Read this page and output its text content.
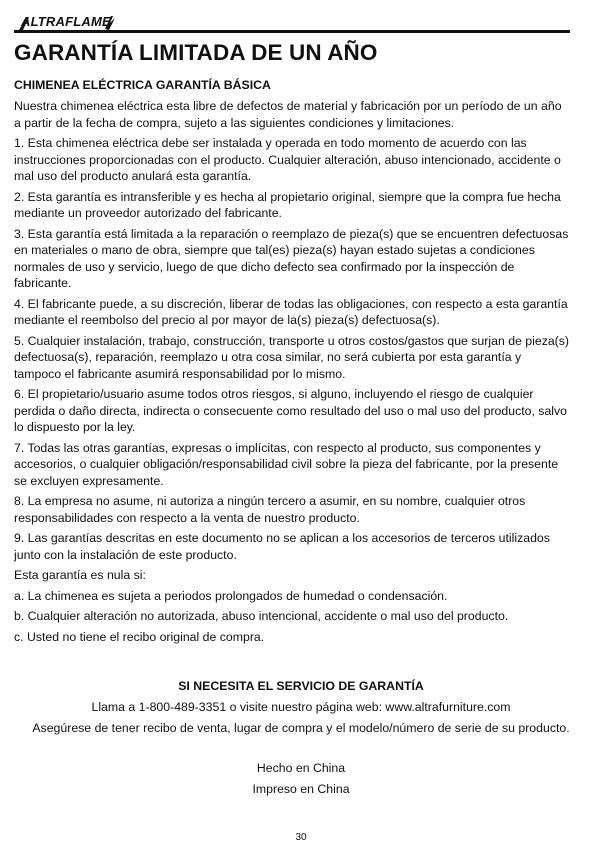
ALTRAFLAME
GARANTÍA LIMITADA DE UN AÑO

CHIMENEA ELÉCTRICA GARANTÍA BÁSICA

Nuestra chimenea eléctrica esta libre de defectos de material y fabricación por un período de un año a partir de la fecha de compra, sujeto a las siguientes condiciones y limitaciones.

1. Esta chimenea eléctrica debe ser instalada y operada en todo momento de acuerdo con las instrucciones proporcionadas con el producto. Cualquier alteración, abuso intencionado, accidente o mal uso del producto anulará esta garantía.

2. Esta garantía es intransferible y es hecha al propietario original, siempre que la compra fue hecha mediante un proveedor autorizado del fabricante.

3. Esta garantía está limitada a la reparación o reemplazo de pieza(s) que se encuentren defectuosas en materiales o mano de obra, siempre que tal(es) pieza(s) hayan estado sujetas a condiciones normales de uso y servicio, luego de que dicho defecto sea confirmado por la inspección de fabricante.

4. El fabricante puede, a su discreción, liberar de todas las obligaciones, con respecto a esta garantía mediante el reembolso del precio al por mayor de la(s) pieza(s) defectuosa(s).

5. Cualquier instalación, trabajo, construcción, transporte u otros costos/gastos que surjan de pieza(s) defectuosa(s), reparación, reemplazo u otra cosa similar, no será cubierta por esta garantía y tampoco el fabricante asumirá responsabilidad por lo mismo.

6. El propietario/usuario asume todos otros riesgos, si alguno, incluyendo el riesgo de cualquier perdida o daño directa, indirecta o consecuente como resultado del uso o mal uso del producto, salvo lo dispuesto por la ley.

7. Todas las otras garantías, expresas o implícitas, con respecto al producto, sus componentes y accesorios, o cualquier obligación/responsabilidad civil sobre la pieza del fabricante, por la presente se excluyen expresamente.

8. La empresa no asume, ni autoriza a ningún tercero a asumir, en su nombre, cualquier otros responsabilidades con respecto a la venta de nuestro producto.

9. Las garantías descritas en este documento no se aplican a los accesorios de terceros utilizados junto con la instalación de este producto.

Esta garantía es nula si:

a. La chimenea es sujeta a periodos prolongados de humedad o condensación.

b. Cualquier alteración no autorizada, abuso intencional, accidente o mal uso del producto.

c. Usted no tiene el recibo original de compra.

SI NECESITA EL SERVICIO DE GARANTÍA
Llama a 1-800-489-3351 o visite nuestro página web: www.altrafurniture.com
Asegúrese de tener recibo de venta, lugar de compra y el modelo/número de serie de su producto.
Hecho en China
Impreso en China
30
